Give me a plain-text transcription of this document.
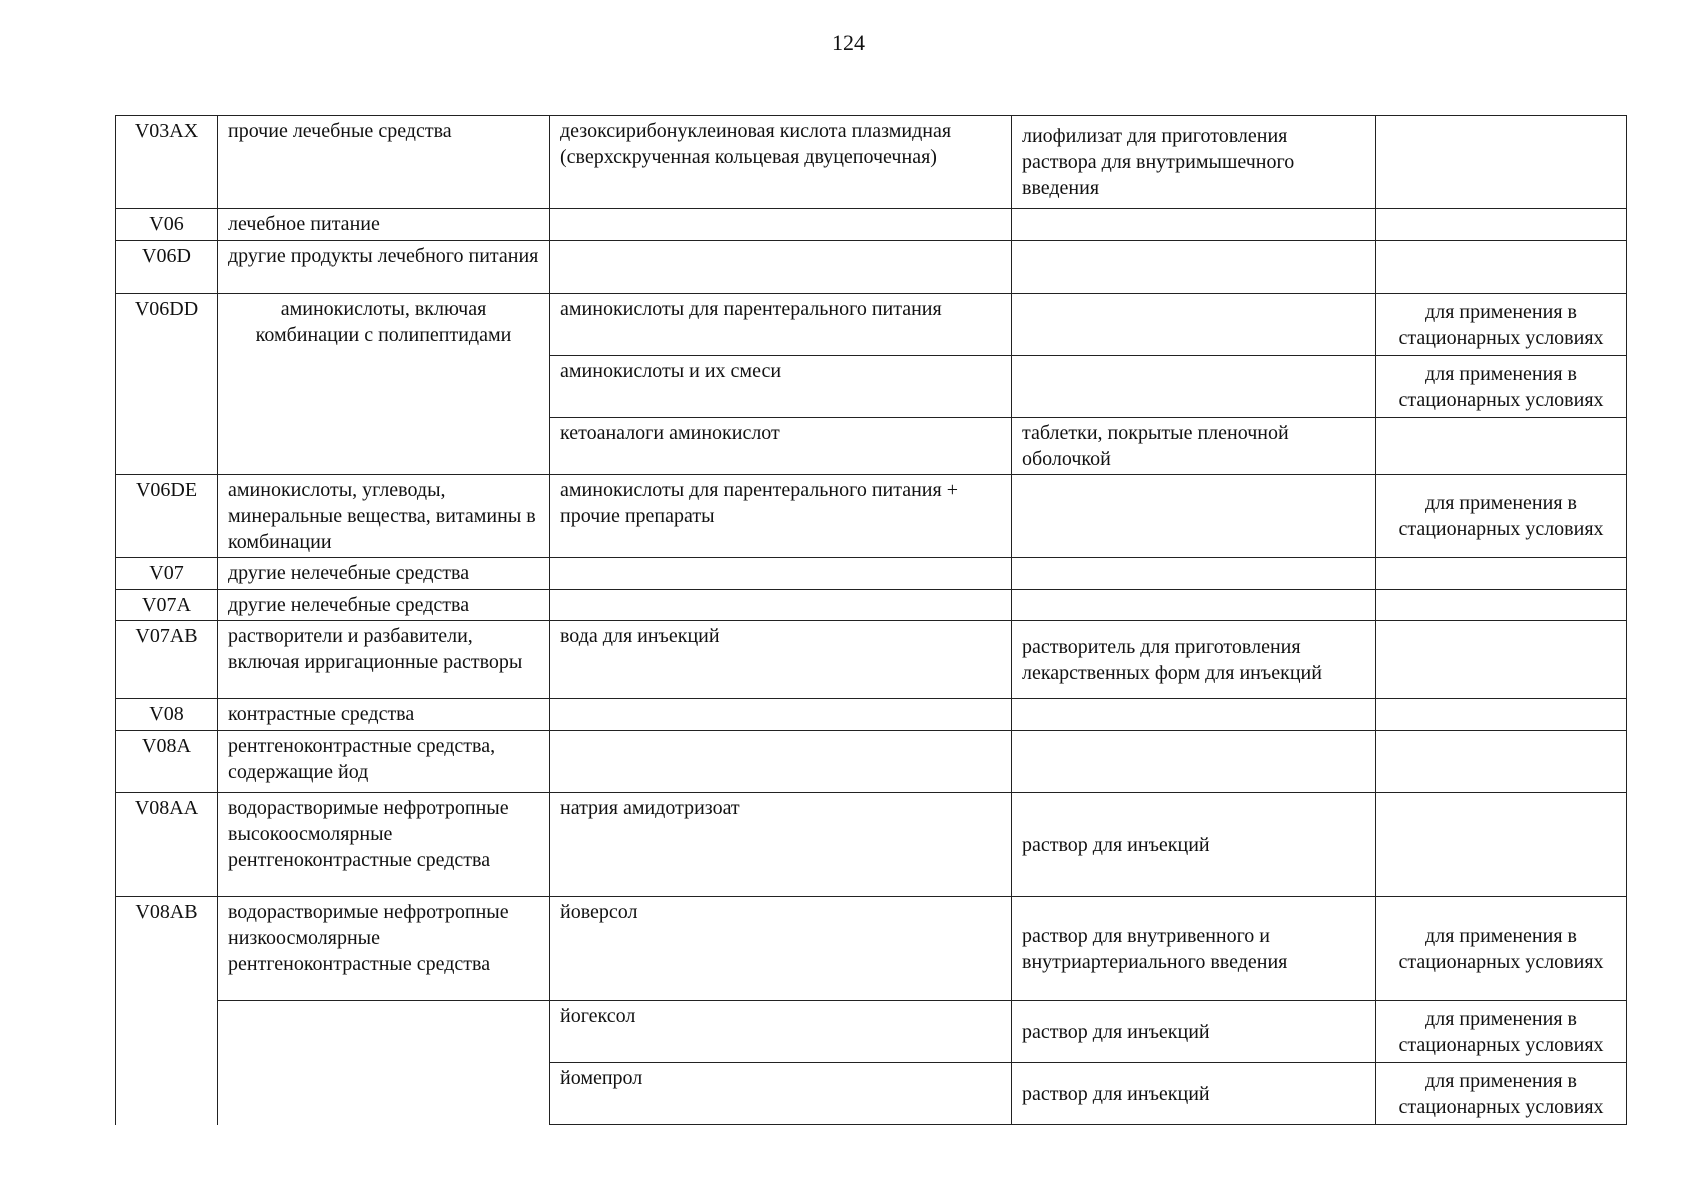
124
V03AX	прочие лечебные средства	дезоксирибонуклеиновая кислота плазмидная (сверхскрученная кольцевая двуцепочечная)	лиофилизат для приготовления раствора для внутримышечного введения	
V06	лечебное питание			
V06D	другие продукты лечебного питания			
V06DD	аминокислоты, включая комбинации с полипептидами	аминокислоты для парентерального питания		для применения в стационарных условиях
		аминокислоты и их смеси		для применения в стационарных условиях
		кетоаналоги аминокислот	таблетки, покрытые пленочной оболочкой	
V06DE	аминокислоты, углеводы, минеральные вещества, витамины в комбинации	аминокислоты для парентерального питания + прочие препараты		для применения в стационарных условиях
V07	другие нелечебные средства			
V07A	другие нелечебные средства			
V07AB	растворители и разбавители, включая ирригационные растворы	вода для инъекций	растворитель для приготовления лекарственных форм для инъекций	
V08	контрастные средства			
V08A	рентгеноконтрастные средства, содержащие йод			
V08AA	водорастворимые нефротропные высокоосмолярные рентгеноконтрастные средства	натрия амидотризоат	раствор для инъекций	
V08AB	водорастворимые нефротропные низкоосмолярные рентгеноконтрастные средства	йоверсол	раствор для внутривенного и внутриартериального введения	для применения в стационарных условиях
		йогексол	раствор для инъекций	для применения в стационарных условиях
		йомепрол	раствор для инъекций	для применения в стационарных условиях
